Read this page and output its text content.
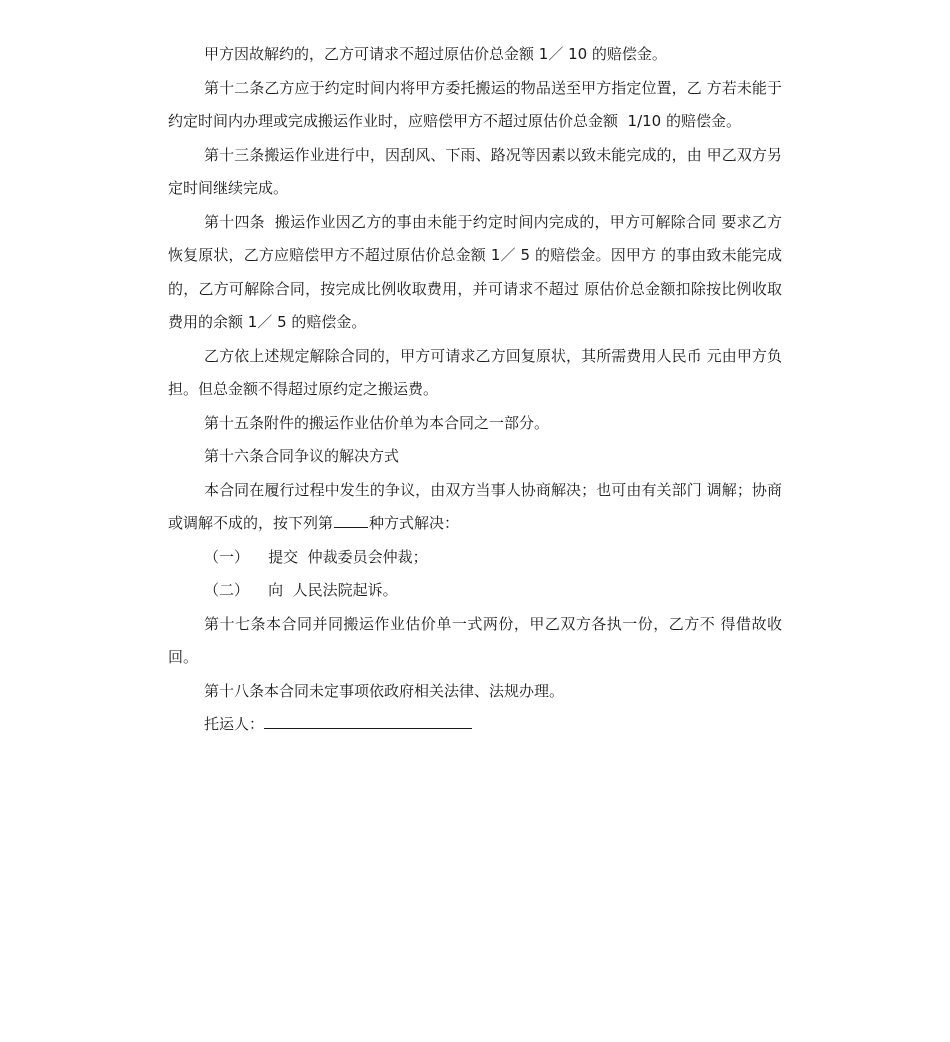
甲方因故解约的，乙方可请求不超过原估价总金额 1／ 10 的赔偿金。

第十二条乙方应于约定时间内将甲方委托搬运的物品送至甲方指定位置，乙 方若未能于约定时间内办理或完成搬运作业时，应赔偿甲方不超过原估价总金额  1/10 的赔偿金。

第十三条搬运作业进行中，因刮风、下雨、路况等因素以致未能完成的，由 甲乙双方另定时间继续完成。

第十四条  搬运作业因乙方的事由未能于约定时间内完成的，甲方可解除合同 要求乙方恢复原状，乙方应赔偿甲方不超过原估价总金额 1／ 5 的赔偿金。因甲方 的事由致未能完成的，乙方可解除合同，按完成比例收取费用，并可请求不超过 原估价总金额扣除按比例收取费用的余额 1／ 5 的赔偿金。

乙方依上述规定解除合同的，甲方可请求乙方回复原状，其所需费用人民币 元由甲方负担。但总金额不得超过原约定之搬运费。

第十五条附件的搬运作业估价单为本合同之一部分。

第十六条合同争议的解决方式

本合同在履行过程中发生的争议，由双方当事人协商解决；也可由有关部门 调解；协商或调解不成的，按下列第 种方式解决：

（一）    提交  仲裁委员会仲裁；

（二）    向  人民法院起诉。

第十七条本合同并同搬运作业估价单一式两份，甲乙双方各执一份，乙方不 得借故收回。

第十八条本合同未定事项依政府相关法律、法规办理。

托运人：
